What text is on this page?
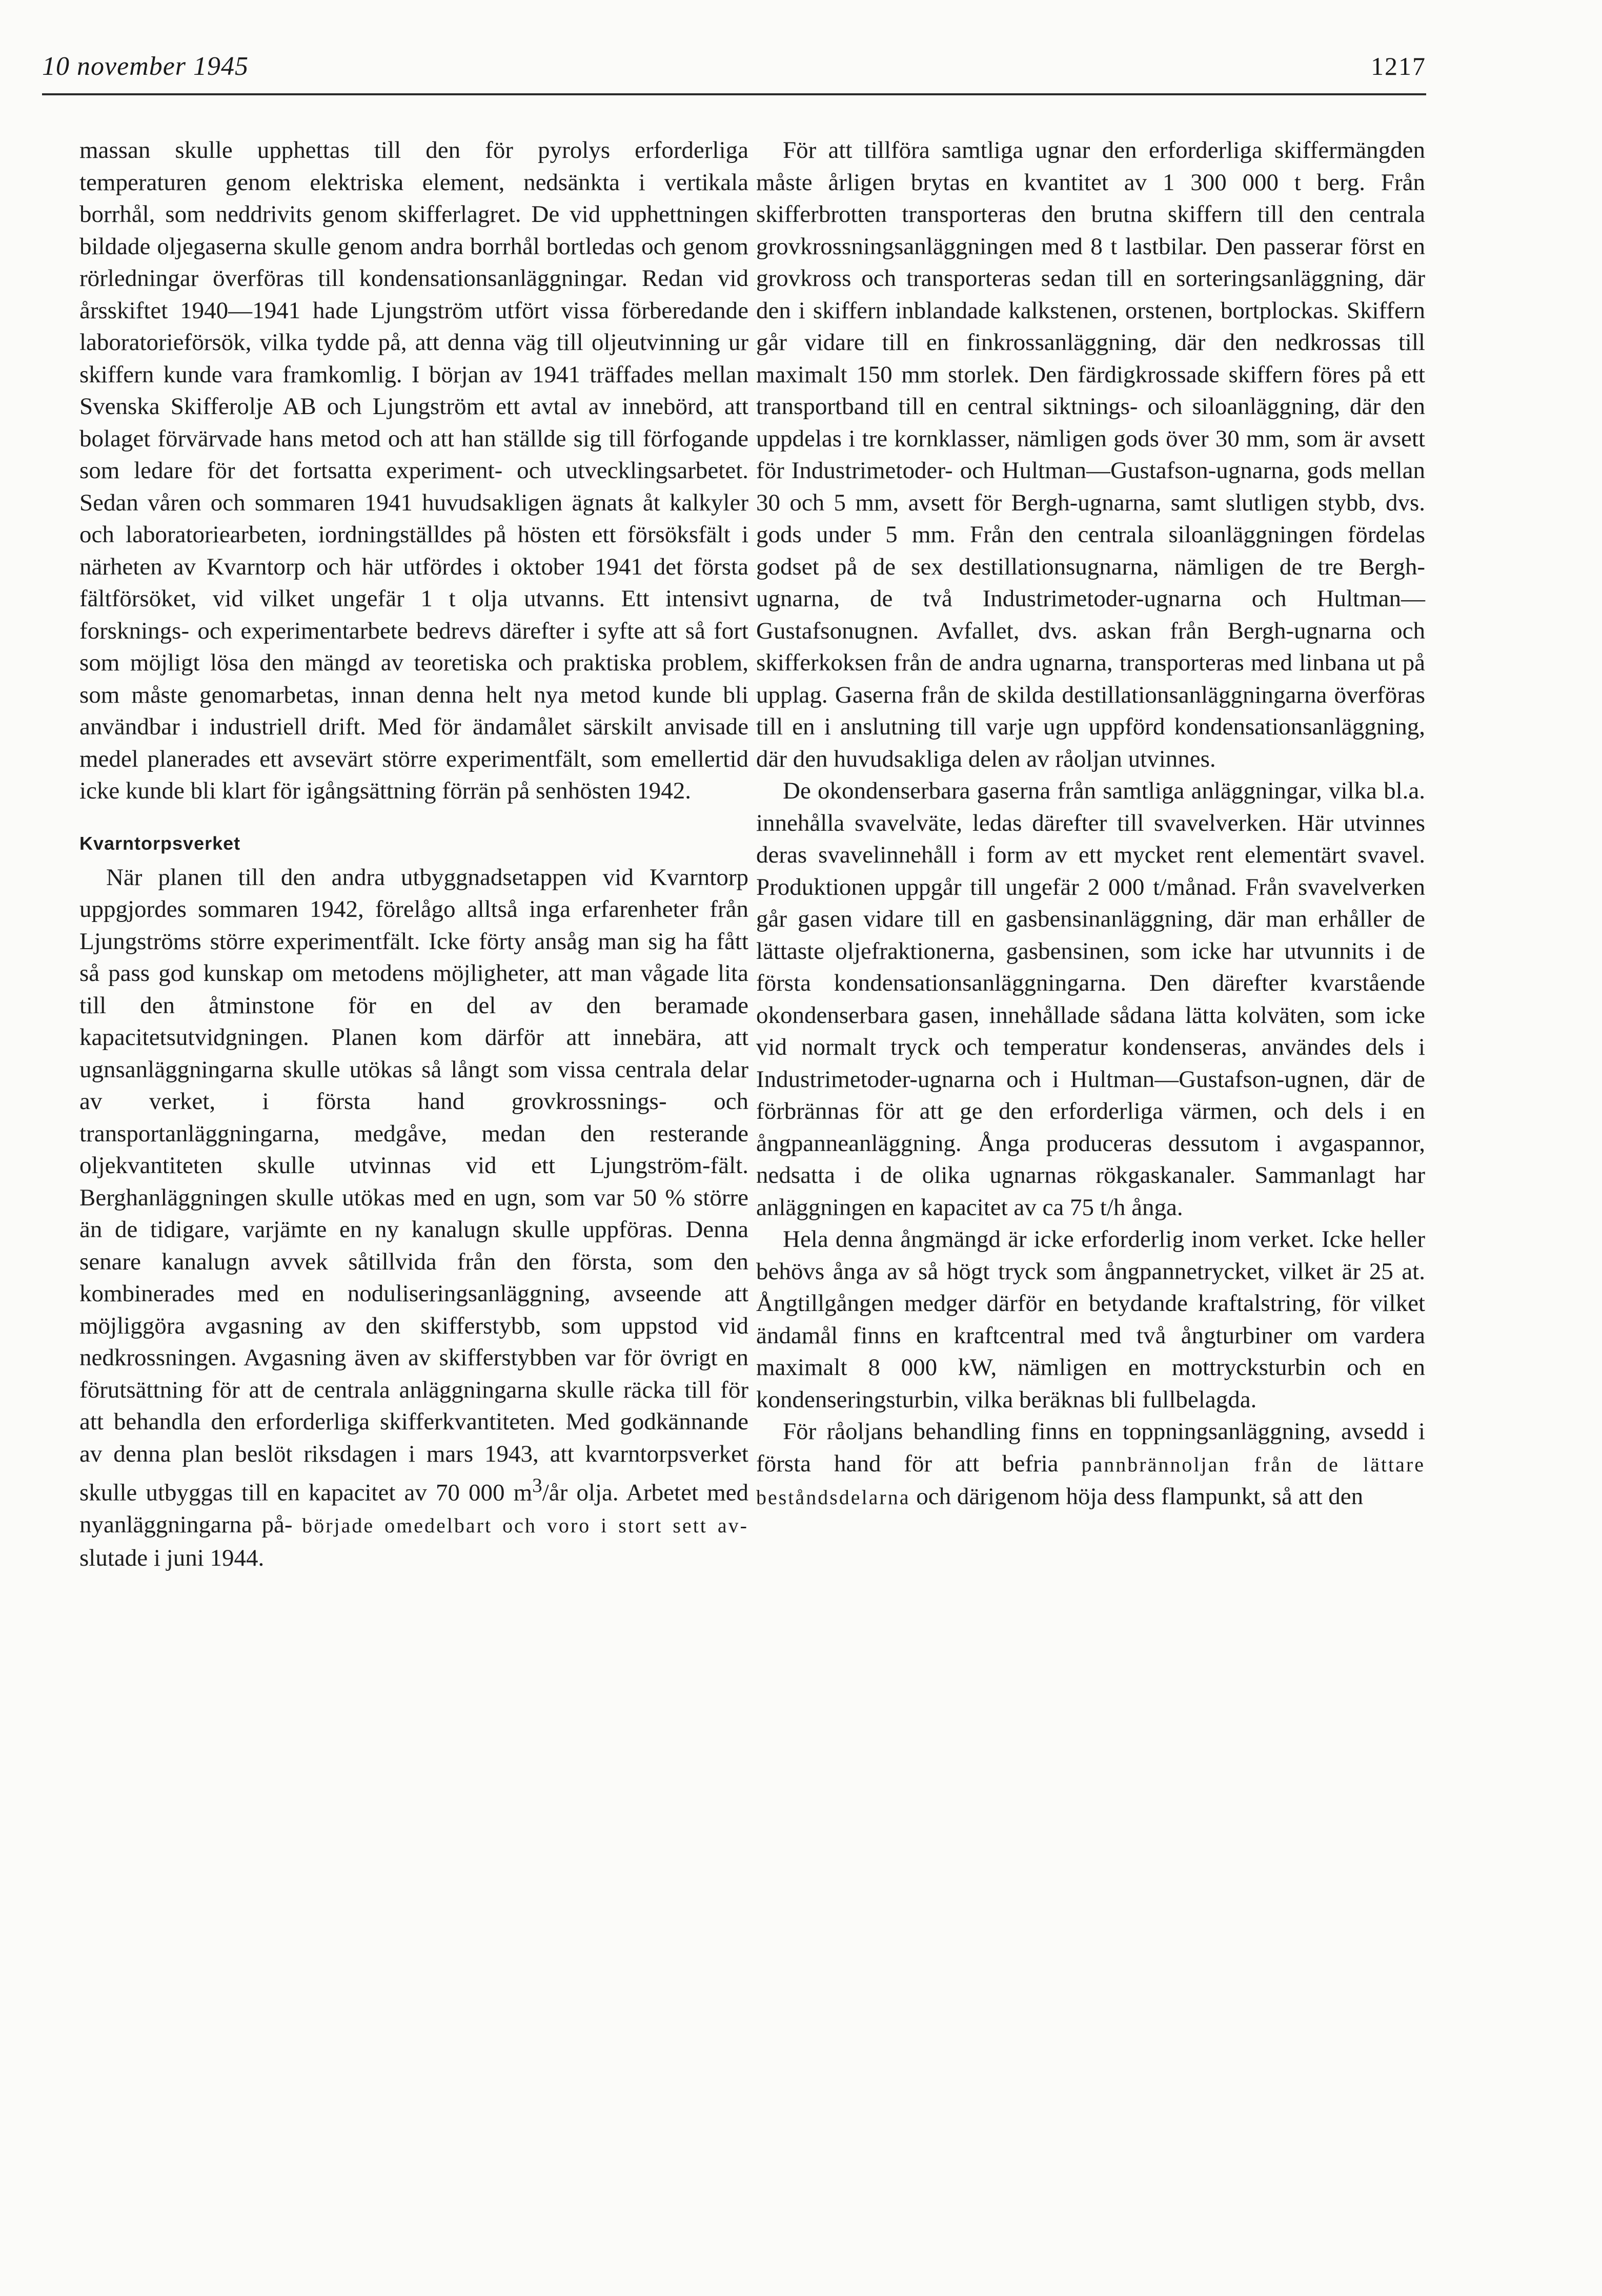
10 november 1945	1217

massan skulle upphettas till den för pyrolys erforderliga temperaturen genom elektriska element, nedsänkta i vertikala borrhål, som neddrivits genom skifferlagret. De vid upphettningen bildade oljegaserna skulle genom andra borrhål bortledas och genom rörledningar överföras till kondensationsanläggningar. Redan vid årsskiftet 1940—1941 hade Ljungström utfört vissa förberedande laboratorieförsök, vilka tydde på, att denna väg till oljeutvinning ur skiffern kunde vara framkomlig. I början av 1941 träffades mellan Svenska Skifferolje AB och Ljungström ett avtal av innebörd, att bolaget förvärvade hans metod och att han ställde sig till förfogande som ledare för det fortsatta experiment- och utvecklingsarbetet. Sedan våren och sommaren 1941 huvudsakligen ägnats åt kalkyler och laboratoriearbeten, iordningställdes på hösten ett försöksfält i närheten av Kvarntorp och här utfördes i oktober 1941 det första fältförsöket, vid vilket ungefär 1 t olja utvanns. Ett intensivt forsknings- och experimentarbete bedrevs därefter i syfte att så fort som möjligt lösa den mängd av teoretiska och praktiska problem, som måste genomarbetas, innan denna helt nya metod kunde bli användbar i industriell drift. Med för ändamålet särskilt anvisade medel planerades ett avsevärt större experimentfält, som emellertid icke kunde bli klart för igångsättning förrän på senhösten 1942.

Kvarntorpsverket

När planen till den andra utbyggnadsetappen vid Kvarntorp uppgjordes sommaren 1942, förelågo alltså inga erfarenheter från Ljungströms större experimentfält. Icke förty ansåg man sig ha fått så pass god kunskap om metodens möjligheter, att man vågade lita till den åtminstone för en del av den beramade kapacitetsutvidgningen. Planen kom därför att innebära, att ugnsanläggningarna skulle utökas så långt som vissa centrala delar av verket, i första hand grovkrossnings- och transportanläggningarna, medgåve, medan den resterande oljekvantiteten skulle utvinnas vid ett Ljungström-fält. Berghanläggningen skulle utökas med en ugn, som var 50 % större än de tidigare, varjämte en ny kanalugn skulle uppföras. Denna senare kanalugn avvek såtillvida från den första, som den kombinerades med en noduliseringsanläggning, avseende att möjliggöra avgasning av den skifferstybb, som uppstod vid nedkrossningen. Avgasning även av skifferstybben var för övrigt en förutsättning för att de centrala anläggningarna skulle räcka till för att behandla den erforderliga skifferkvantiteten. Med godkännande av denna plan beslöt riksdagen i mars 1943, att kvarntorpsverket skulle utbyggas till en kapacitet av 70 000 $m^3/år$ olja. Arbetet med nyanläggningarna på- började omedelbart och voro i stort sett av- slutade i juni 1944.

För att tillföra samtliga ugnar den erforderliga skiffermängden måste årligen brytas en kvantitet av 1 300 000 t berg. Från skifferbrotten transporteras den brutna skiffern till den centrala grovkrossningsanläggningen med 8 t lastbilar. Den passerar först en grovkross och transporteras sedan till en sorteringsanläggning, där den i skiffern inblandade kalkstenen, orstenen, bortplockas. Skiffern går vidare till en finkrossanläggning, där den nedkrossas till maximalt 150 mm storlek. Den färdigkrossade skiffern föres på ett transportband till en central siktnings- och siloanläggning, där den uppdelas i tre kornklasser, nämligen gods över 30 mm, som är avsett för Industrimetoder- och Hultman—Gustafson-ugnarna, gods mellan 30 och 5 mm, avsett för Bergh-ugnarna, samt slutligen stybb, dvs. gods under 5 mm. Från den centrala siloanläggningen fördelas godset på de sex destillationsugnarna, nämligen de tre Bergh-ugnarna, de två Industrimetoder-ugnarna och Hultman—Gustafsonugnen. Avfallet, dvs. askan från Bergh-ugnarna och skifferkoksen från de andra ugnarna, transporteras med linbana ut på upplag. Gaserna från de skilda destillationsanläggningarna överföras till en i anslutning till varje ugn uppförd kondensationsanläggning, där den huvudsakliga delen av råoljan utvinnes.

De okondenserbara gaserna från samtliga anläggningar, vilka bl.a. innehålla svavelväte, ledas därefter till svavelverken. Här utvinnes deras svavelinnehåll i form av ett mycket rent elementärt svavel. Produktionen uppgår till ungefär 2 000 t/månad. Från svavelverken går gasen vidare till en gasbensinanläggning, där man erhåller de lättaste oljefraktionerna, gasbensinen, som icke har utvunnits i de första kondensationsanläggningarna. Den därefter kvarstående okondenserbara gasen, innehållade sådana lätta kolväten, som icke vid normalt tryck och temperatur kondenseras, användes dels i Industrimetoder-ugnarna och i Hultman—Gustafson-ugnen, där de förbrännas för att ge den erforderliga värmen, och dels i en ångpanneanläggning. Ånga produceras dessutom i avgaspannor, nedsatta i de olika ugnarnas rökgaskanaler. Sammanlagt har anläggningen en kapacitet av ca 75 t/h ånga.

Hela denna ångmängd är icke erforderlig inom verket. Icke heller behövs ånga av så högt tryck som ångpannetrycket, vilket är 25 at. Ångtillgången medger därför en betydande kraftalstring, för vilket ändamål finns en kraftcentral med två ångturbiner om vardera maximalt 8 000 kW, nämligen en mottrycksturbin och en kondenseringsturbin, vilka beräknas bli fullbelagda.

För råoljans behandling finns en toppningsanläggning, avsedd i första hand för att befria pannbrännoljan från de lättare beståndsdelarna och därigenom höja dess flampunkt, så att den
